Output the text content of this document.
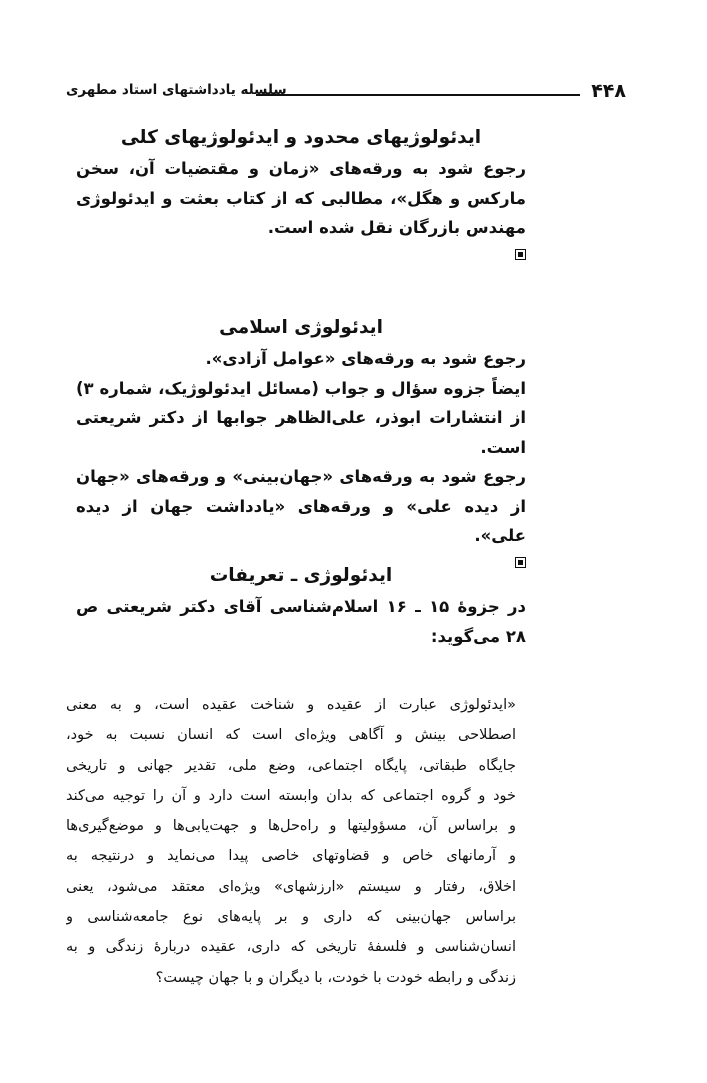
۴۴۸
سلسله یادداشتهای استاد مطهری
ایدئولوژیهای محدود و ایدئولوژیهای کلی

رجوع شود به ورقه‌های «زمان و مقتضیات آن، سخن مارکس و هگل»، مطالبی که از کتاب بعثت و ایدئولوژی مهندس بازرگان نقل شده است.

ایدئولوژی اسلامی

رجوع شود به ورقه‌های «عوامل آزادی».

ایضاً جزوه سؤال و جواب (مسائل ایدئولوژیک، شماره ۳) از انتشارات ابوذر، علی‌الظاهر جوابها از دکتر شریعتی است.

رجوع شود به ورقه‌های «جهان‌بینی» و ورقه‌های «جهان از دیده علی» و ورقه‌های «یادداشت جهان از دیده علی».

ایدئولوژی ـ تعریفات

در جزوهٔ ۱۵ ـ ۱۶ اسلام‌شناسی آقای دکتر شریعتی ص ۲۸ می‌گوید:

«ایدئولوژی عبارت از عقیده و شناخت عقیده است، و به معنی

اصطلاحی بینش و آگاهی ویژه‌ای است که انسان نسبت به خود،

جایگاه طبقاتی، پایگاه اجتماعی، وضع ملی، تقدیر جهانی و تاریخی

خود و گروه اجتماعی که بدان وابسته است دارد و آن را توجیه می‌کند

و براساس آن، مسؤولیتها و راه‌حل‌ها و جهت‌یابی‌ها و موضع‌گیری‌ها

و آرمانهای خاص و قضاوتهای خاصی پیدا می‌نماید و درنتیجه به

اخلاق، رفتار و سیستم «ارزشهای» ویژه‌ای معتقد می‌شود، یعنی

براساس جهان‌بینی که داری و بر پایه‌های نوع جامعه‌شناسی و

انسان‌شناسی و فلسفهٔ تاریخی که داری، عقیده دربارهٔ زندگی و به

زندگی و رابطه خودت با خودت، با دیگران و با جهان چیست؟
